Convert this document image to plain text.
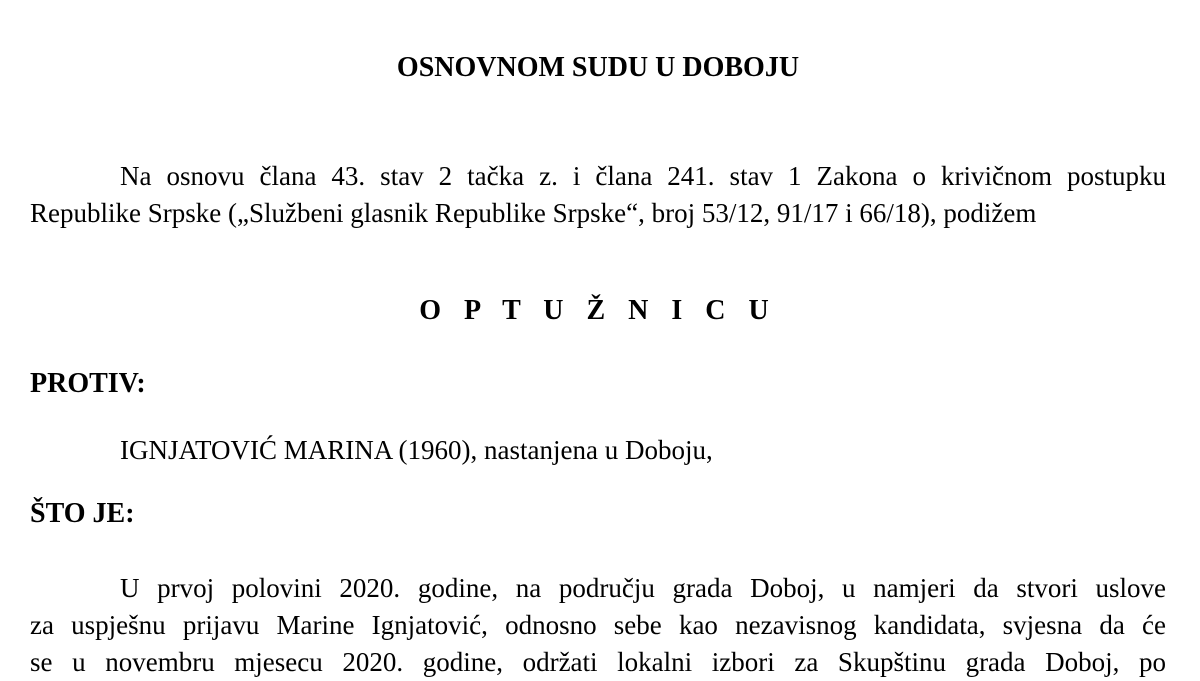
OSNOVNOM SUDU U DOBOJU
Na osnovu člana 43. stav 2 tačka z. i člana 241. stav 1 Zakona o krivičnom postupku
Republike Srpske („Službeni glasnik Republike Srpske“, broj 53/12, 91/17 i 66/18), podižem
O P T U Ž N I C U
PROTIV:
IGNJATOVIĆ MARINA (1960), nastanjena u Doboju,
ŠTO JE:
U prvoj polovini 2020. godine, na području grada Doboj, u namjeri da stvori uslove
za uspješnu prijavu Marine Ignjatović, odnosno sebe kao nezavisnog kandidata, svjesna da će
se u novembru mjesecu 2020. godine, održati lokalni izbori za Skupštinu grada Doboj, po
